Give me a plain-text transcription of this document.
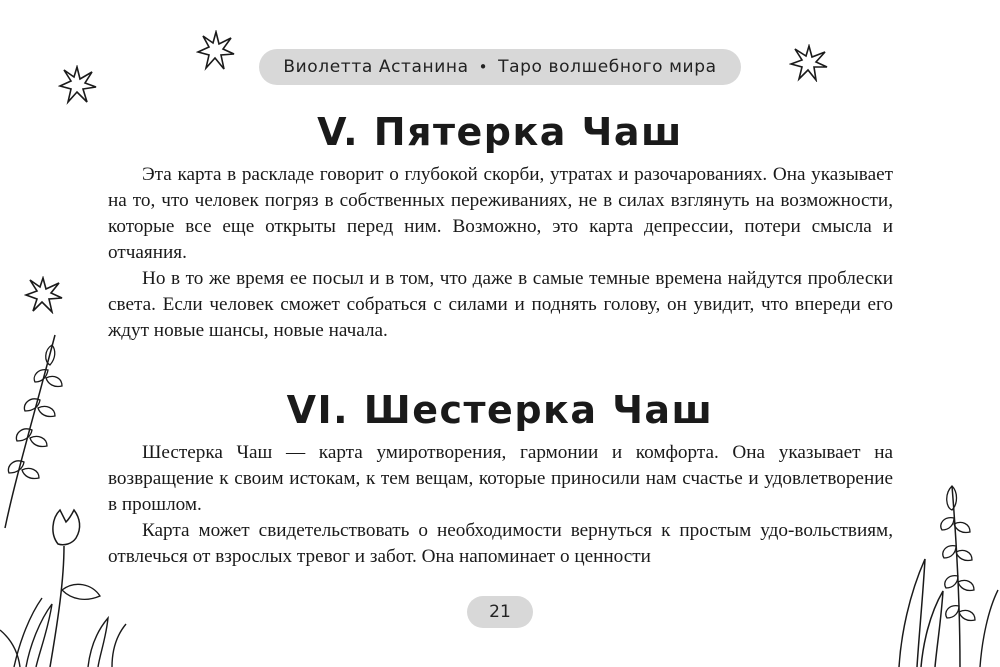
Виолетта Астанина • Таро волшебного мира
V. Пятерка Чаш

Эта карта в раскладе говорит о глубокой скорби, утратах и разочарованиях. Она указывает на то, что человек погряз в собственных переживаниях, не в силах взглянуть на возможности, которые все еще открыты перед ним. Возможно, это карта депрессии, потери смысла и отчаяния.

Но в то же время ее посыл и в том, что даже в самые темные времена найдутся проблески света. Если человек сможет собраться с силами и поднять голову, он увидит, что впереди его ждут новые шансы, новые начала.

VI. Шестерка Чаш

Шестерка Чаш — карта умиротворения, гармонии и комфорта. Она указывает на возвращение к своим истокам, к тем вещам, которые приносили нам счастье и удовлетворение в прошлом.

Карта может свидетельствовать о необходимости вернуться к простым удо-вольствиям, отвлечься от взрослых тревог и забот. Она напоминает о ценности

21
